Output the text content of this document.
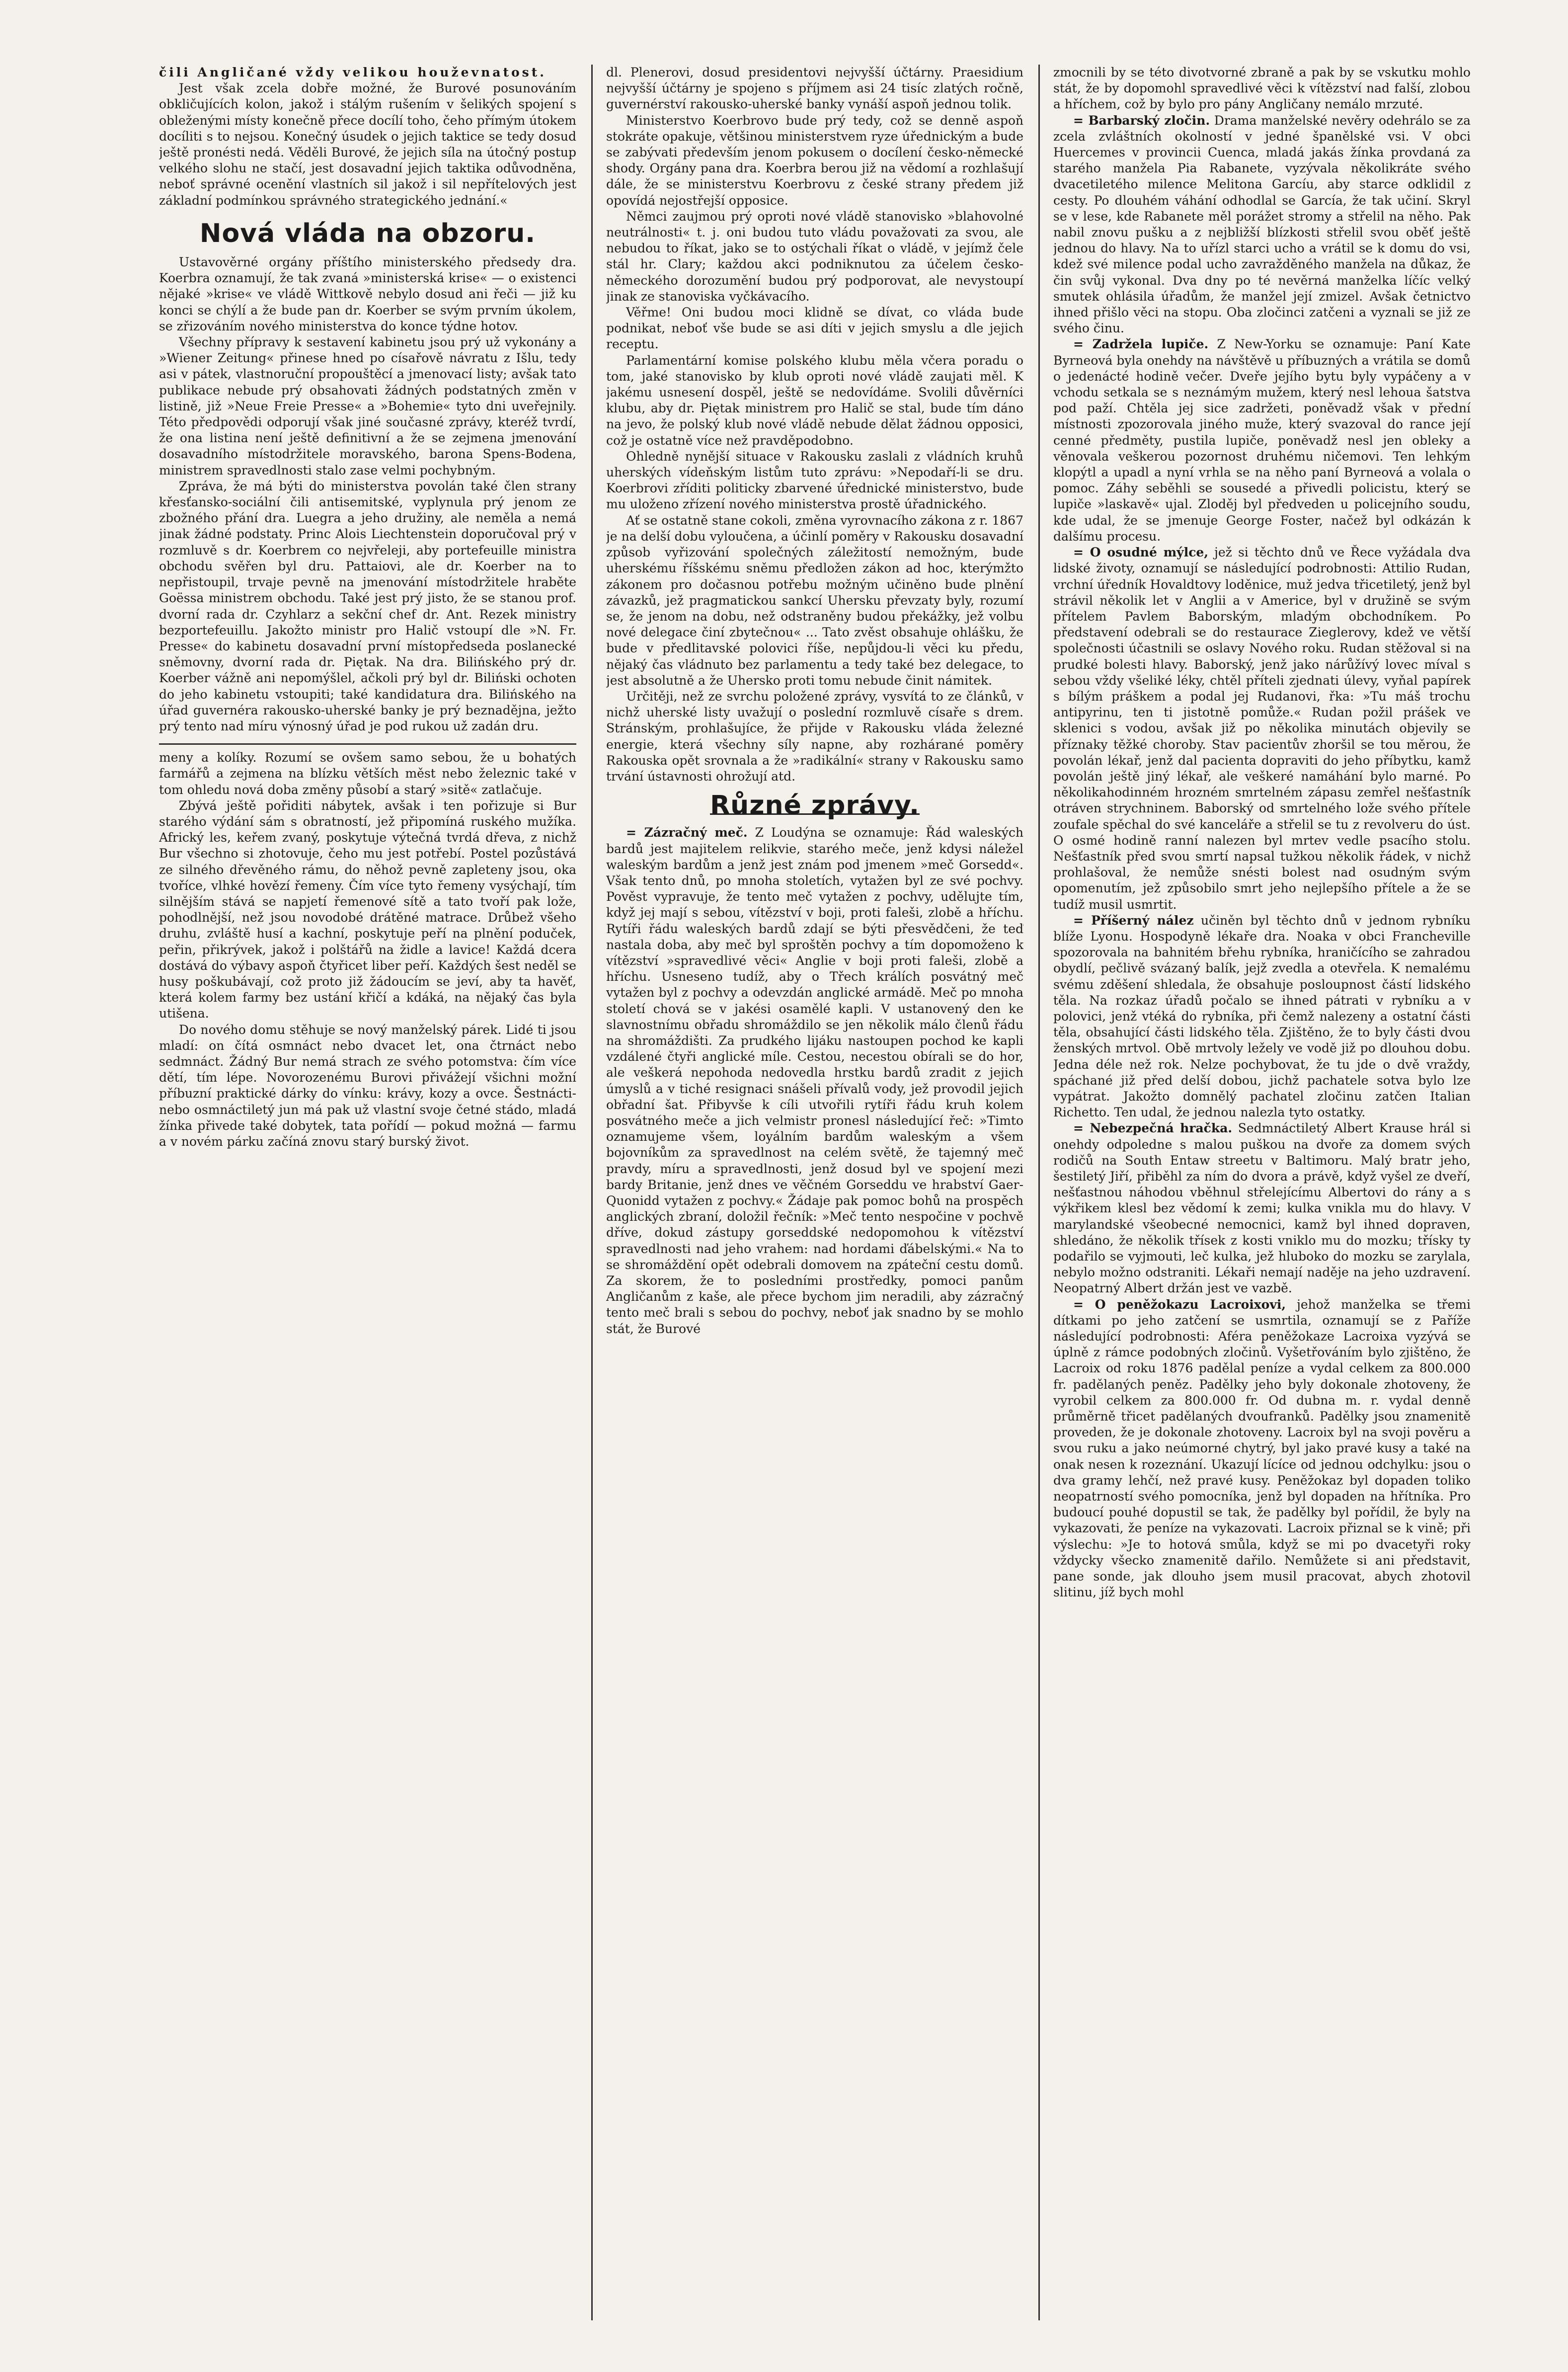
čili Angličané vždy velikou houževnatost.

Jest však zcela dobře možné, že Burové posunováním obkličujících kolon, jakož i stálým rušením v šelikých spojení s obleženými místy konečně přece docílí toho, čeho přímým útokem docíliti s to nejsou. Konečný úsudek o jejich taktice se tedy dosud ještě pronésti nedá. Věděli Burové, že jejich síla na útočný postup velkého slohu ne stačí, jest dosavadní jejich taktika odůvodněna, neboť správné ocenění vlastních sil jakož i sil nepřítelových jest základní podmínkou správného strategického jednání.«

Nová vláda na obzoru.

Ustavověrné orgány příštího ministerského předsedy dra. Koerbra oznamují, že tak zvaná »ministerská krise« — o existenci nějaké »krise« ve vládě Wittkově nebylo dosud ani řeči — již ku konci se chýlí a že bude pan dr. Koerber se svým prvním úkolem, se zřizováním nového ministerstva do konce týdne hotov.

Všechny přípravy k sestavení kabinetu jsou prý už vykonány a »Wiener Zeitung« přinese hned po císařově návratu z Išlu, tedy asi v pátek, vlastnoruční propouštěcí a jmenovací listy; avšak tato publikace nebude prý obsahovati žádných podstatných změn v listině, již »Neue Freie Presse« a »Bohemie« tyto dni uveřejnily. Této předpovědi odporují však jiné současné zprávy, kteréž tvrdí, že ona listina není ještě definitivní a že se zejmena jmenování dosavadního místodržitele moravského, barona Spens-Bodena, ministrem spravedlnosti stalo zase velmi pochybným.

Zpráva, že má býti do ministerstva povolán také člen strany křesťansko-sociální čili antisemitské, vyplynula prý jenom ze zbožného přání dra. Luegra a jeho družiny, ale neměla a nemá jinak žádné podstaty. Princ Alois Liechtenstein doporučoval prý v rozmluvě s dr. Koerbrem co nejvřeleji, aby portefeuille ministra obchodu svěřen byl dru. Pattaiovi, ale dr. Koerber na to nepřistoupil, trvaje pevně na jmenování místodržitele hraběte Goëssa ministrem obchodu. Také jest prý jisto, že se stanou prof. dvorní rada dr. Czyhlarz a sekční chef dr. Ant. Rezek ministry bezportefeuillu. Jakožto ministr pro Halič vstoupí dle »N. Fr. Presse« do kabinetu dosavadní první místopředseda poslanecké sněmovny, dvorní rada dr. Piętak. Na dra. Bilińského prý dr. Koerber vážně ani nepomýšlel, ačkoli prý byl dr. Biliński ochoten do jeho kabinetu vstoupiti; také kandidatura dra. Bilińského na úřad guvernéra rakousko-uherské banky je prý beznadějna, ježto prý tento nad míru výnosný úřad je pod rukou už zadán dru.

meny a kolíky. Rozumí se ovšem samo sebou, že u bohatých farmářů a zejmena na blízku větších měst nebo železnic také v tom ohledu nová doba změny působí a starý »sitě« zatlačuje.

Zbývá ještě pořiditi nábytek, avšak i ten pořizuje si Bur starého výdání sám s obratností, jež připomíná ruského mužíka. Africký les, keřem zvaný, poskytuje výtečná tvrdá dřeva, z nichž Bur všechno si zhotovuje, čeho mu jest potřebí. Postel pozůstává ze silného dřevěného rámu, do něhož pevně zapleteny jsou, oka tvoříce, vlhké hovězí řemeny. Čím více tyto řemeny vysýchají, tím silnějším stává se napjetí řemenové sítě a tato tvoří pak lože, pohodlnější, než jsou novodobé drátěné matrace. Drůbež všeho druhu, zvláště husí a kachní, poskytuje peří na plnění poduček, peřin, přikrývek, jakož i polštářů na židle a lavice! Každá dcera dostává do výbavy aspoň čtyřicet liber peří. Každých šest neděl se husy poškubávají, což proto již žádoucím se jeví, aby ta havěť, která kolem farmy bez ustání křičí a kdáká, na nějaký čas byla utišena.

Do nového domu stěhuje se nový manželský párek. Lidé ti jsou mladí: on čítá osmnáct nebo dvacet let, ona čtrnáct nebo sedmnáct. Žádný Bur nemá strach ze svého potomstva: čím více dětí, tím lépe. Novorozenému Burovi přivážejí všichni možní příbuzní praktické dárky do vínku: krávy, kozy a ovce. Šestnácti- nebo osmnáctiletý jun má pak už vlastní svoje četné stádo, mladá žínka přivede také dobytek, tata pořídí — pokud možná — farmu a v novém párku začíná znovu starý burský život.

dl. Plenerovi, dosud presidentovi nejvyšší účtárny. Praesidium nejvyšší účtárny je spojeno s příjmem asi 24 tisíc zlatých ročně, guvernérství rakousko-uherské banky vynáší aspoň jednou tolik.

Ministerstvo Koerbrovo bude prý tedy, což se denně aspoň stokráte opakuje, většinou ministerstvem ryze úřednickým a bude se zabývati především jenom pokusem o docílení česko-německé shody. Orgány pana dra. Koerbra berou již na vědomí a rozhlašují dále, že se ministerstvu Koerbrovu z české strany předem již opovídá nejostřejší opposice.

Němci zaujmou prý oproti nové vládě stanovisko »blahovolné neutrálnosti« t. j. oni budou tuto vládu považovati za svou, ale nebudou to říkat, jako se to ostýchali říkat o vládě, v jejímž čele stál hr. Clary; každou akci podniknutou za účelem česko-německého dorozumění budou prý podporovat, ale nevystoupí jinak ze stanoviska vyčkávacího.

Věřme! Oni budou moci klidně se dívat, co vláda bude podnikat, neboť vše bude se asi díti v jejich smyslu a dle jejich receptu.

Parlamentární komise polského klubu měla včera poradu o tom, jaké stanovisko by klub oproti nové vládě zaujati měl. K jakému usnesení dospěl, ještě se nedovídáme. Svolili důvěrníci klubu, aby dr. Piętak ministrem pro Halič se stal, bude tím dáno na jevo, že polský klub nové vládě nebude dělat žádnou opposici, což je ostatně více než pravděpodobno.

Ohledně nynější situace v Rakousku zaslali z vládních kruhů uherských vídeňským listům tuto zprávu: »Nepodaří-li se dru. Koerbrovi zříditi politicky zbarvené úřednické ministerstvo, bude mu uloženo zřízení nového ministerstva prostě úřadnického.

Ať se ostatně stane cokoli, změna vyrovnacího zákona z r. 1867 je na delší dobu vyloučena, a účinlí poměry v Rakousku dosavadní způsob vyřizování společných záležitostí nemožným, bude uherskému říšskému sněmu předložen zákon ad hoc, kterýmžto zákonem pro dočasnou potřebu možným učiněno bude plnění závazků, jež pragmatickou sankcí Uhersku převzaty byly, rozumí se, že jenom na dobu, než odstraněny budou překážky, jež volbu nové delegace činí zbytečnou« ... Tato zvěst obsahuje ohlášku, že bude v předlitavské polovici říše, nepůjdou-li věci ku předu, nějaký čas vládnuto bez parlamentu a tedy také bez delegace, to jest absolutně a že Uhersko proti tomu nebude činit námitek.

Určitěji, než ze svrchu položené zprávy, vysvítá to ze článků, v nichž uherské listy uvažují o poslední rozmluvě císaře s drem. Stránským, prohlašujíce, že přijde v Rakousku vláda železné energie, která všechny síly napne, aby rozhárané poměry Rakouska opět srovnala a že »radikální« strany v Rakousku samo trvání ústavnosti ohrožují atd.

Různé zprávy.

= Zázračný meč. Z Loudýna se oznamuje: Řád waleských bardů jest majitelem relikvie, starého meče, jenž kdysi náležel waleským bardům a jenž jest znám pod jmenem »meč Gorsedd«. Však tento dnů, po mnoha stoletích, vytažen byl ze své pochvy. Pověst vypravuje, že tento meč vytažen z pochvy, udělujte tím, když jej mají s sebou, vítězství v boji, proti faleši, zlobě a hříchu. Rytíři řádu waleských bardů zdají se býti přesvědčeni, že teď nastala doba, aby meč byl sproštěn pochvy a tím dopomoženo k vítězství »spravedlivé věci« Anglie v boji proti faleši, zlobě a hříchu. Usneseno tudíž, aby o Třech králích posvátný meč vytažen byl z pochvy a odevzdán anglické armádě. Meč po mnoha století chová se v jakési osamělé kapli. V ustanovený den ke slavnostnímu obřadu shromáždilo se jen několik málo členů řádu na shromáždišti. Za prudkého lijáku nastoupen pochod ke kapli vzdálené čtyři anglické míle. Cestou, necestou obírali se do hor, ale veškerá nepohoda nedovedla hrstku bardů zradit z jejich úmyslů a v tiché resignaci snášeli přívalů vody, jež provodil jejich obřadní šat. Přibyvše k cíli utvořili rytíři řádu kruh kolem posvátného meče a jich velmistr pronesl následující řeč: »Timto oznamujeme všem, loyálním bardům waleským a všem bojovníkům za spravedlnost na celém světě, že tajemný meč pravdy, míru a spravedlnosti, jenž dosud byl ve spojení mezi bardy Britanie, jenž dnes ve věčném Gorseddu ve hrabství Gaer-Quonidd vytažen z pochvy.« Žádaje pak pomoc bohů na prospěch anglických zbraní, doložil řečník: »Meč tento nespočine v pochvě dříve, dokud zástupy gorseddské nedopomohou k vítězství spravedlnosti nad jeho vrahem: nad hordami ďábelskými.« Na to se shromáždění opět odebrali domovem na zpáteční cestu domů. Za skorem, že to posledními prostředky, pomoci panům Angličanům z kaše, ale přece bychom jim neradili, aby zázračný tento meč brali s sebou do pochvy, neboť jak snadno by se mohlo stát, že Burové

zmocnili by se této divotvorné zbraně a pak by se vskutku mohlo stát, že by dopomohl spravedlivé věci k vítězství nad falší, zlobou a hříchem, což by bylo pro pány Angličany nemálo mrzuté.

= Barbarský zločin. Drama manželské nevěry odehrálo se za zcela zvláštních okolností v jedné španělské vsi. V obci Huercemes v provincii Cuenca, mladá jakás žínka provdaná za starého manžela Pia Rabanete, vyzývala několikráte svého dvacetiletého milence Melitona Garcíu, aby starce odklidil z cesty. Po dlouhém váhání odhodlal se García, že tak učiní. Skryl se v lese, kde Rabanete měl porážet stromy a střelil na něho. Pak nabil znovu pušku a z nejbližší blízkosti střelil svou oběť ještě jednou do hlavy. Na to uřízl starci ucho a vrátil se k domu do vsi, kdež své milence podal ucho zavražděného manžela na důkaz, že čin svůj vykonal. Dva dny po té nevěrná manželka líčíc velký smutek ohlásila úřadům, že manžel její zmizel. Avšak četnictvo ihned přišlo věci na stopu. Oba zločinci zatčeni a vyznali se již ze svého činu.

= Zadržela lupiče. Z New-Yorku se oznamuje: Paní Kate Byrneová byla onehdy na návštěvě u příbuzných a vrátila se domů o jedenácté hodině večer. Dveře jejího bytu byly vypáčeny a v vchodu setkala se s neznámým mužem, který nesl lehoua šatstva pod paží. Chtěla jej sice zadržeti, poněvadž však v přední místnosti zpozorovala jiného muže, který svazoval do rance její cenné předměty, pustila lupiče, poněvadž nesl jen obleky a věnovala veškerou pozornost druhému ničemovi. Ten lehkým klopýtl a upadl a nyní vrhla se na něho paní Byrneová a volala o pomoc. Záhy seběhli se sousedé a přivedli policistu, který se lupiče »laskavě« ujal. Zloděj byl předveden u policejního soudu, kde udal, že se jmenuje George Foster, načež byl odkázán k dalšímu procesu.

= O osudné mýlce, jež si těchto dnů ve Řece vyžádala dva lidské životy, oznamují se následující podrobnosti: Attilio Rudan, vrchní úředník Hovaldtovy loděnice, muž jedva třicetiletý, jenž byl strávil několik let v Anglii a v Americe, byl v družině se svým přítelem Pavlem Baborským, mladým obchodníkem. Po představení odebrali se do restaurace Zieglerovy, kdež ve větší společnosti účastnili se oslavy Nového roku. Rudan stěžoval si na prudké bolesti hlavy. Baborský, jenž jako nárůžívý lovec míval s sebou vždy všeliké léky, chtěl příteli zjednati úlevy, vyňal papírek s bílým práškem a podal jej Rudanovi, řka: »Tu máš trochu antipyrinu, ten ti jistotně pomůže.« Rudan požil prášek ve sklenici s vodou, avšak již po několika minutách objevily se příznaky těžké choroby. Stav pacientův zhoršil se tou měrou, že povolán lékař, jenž dal pacienta dopraviti do jeho příbytku, kamž povolán ještě jiný lékař, ale veškeré namáhání bylo marné. Po několikahodinném hrozném smrtelném zápasu zemřel nešťastník otráven strychninem. Baborský od smrtelného lože svého přítele zoufale spěchal do své kanceláře a střelil se tu z revolveru do úst. O osmé hodině ranní nalezen byl mrtev vedle psacího stolu. Nešťastník před svou smrtí napsal tužkou několik řádek, v nichž prohlašoval, že nemůže snésti bolest nad osudným svým opomenutím, jež způsobilo smrt jeho nejlepšího přítele a že se tudíž musil usmrtit.

= Příšerný nález učiněn byl těchto dnů v jednom rybníku blíže Lyonu. Hospodyně lékaře dra. Noaka v obci Francheville spozorovala na bahnitém břehu rybníka, hraničícího se zahradou obydlí, pečlivě svázaný balík, jejž zvedla a otevřela. K nemalému svému zděšení shledala, že obsahuje posloupnost částí lidského těla. Na rozkaz úřadů počalo se ihned pátrati v rybníku a v polovici, jenž vtéká do rybníka, při čemž nalezeny a ostatní části těla, obsahující části lidského těla. Zjištěno, že to byly části dvou ženských mrtvol. Obě mrtvoly ležely ve vodě již po dlouhou dobu. Jedna déle než rok. Nelze pochybovat, že tu jde o dvě vraždy, spáchané již před delší dobou, jichž pachatele sotva bylo lze vypátrat. Jakožto domnělý pachatel zločinu zatčen Italian Richetto. Ten udal, že jednou nalezla tyto ostatky.

= Nebezpečná hračka. Sedmnáctiletý Albert Krause hrál si onehdy odpoledne s malou puškou na dvoře za domem svých rodičů na South Entaw streetu v Baltimoru. Malý bratr jeho, šestiletý Jiří, přiběhl za ním do dvora a právě, když vyšel ze dveří, nešťastnou náhodou vběhnul střelejícímu Albertovi do rány a s výkřikem klesl bez vědomí k zemi; kulka vnikla mu do hlavy. V marylandské všeobecné nemocnici, kamž byl ihned dopraven, shledáno, že několik třísek z kosti vniklo mu do mozku; třísky ty podařilo se vyjmouti, leč kulka, jež hluboko do mozku se zarylala, nebylo možno odstraniti. Lékaři nemají naděje na jeho uzdravení. Neopatrný Albert držán jest ve vazbě.

= O peněžokazu Lacroixovi, jehož manželka se třemi dítkami po jeho zatčení se usmrtila, oznamují se z Paříže následující podrobnosti: Aféra peněžokaze Lacroixa vyzývá se úplně z rámce podobných zločinů. Vyšetřováním bylo zjištěno, že Lacroix od roku 1876 padělal peníze a vydal celkem za 800.000 fr. padělaných peněz. Padělky jeho byly dokonale zhotoveny, že vyrobil celkem za 800.000 fr. Od dubna m. r. vydal denně průměrně třicet padělaných dvoufranků. Padělky jsou znamenitě proveden, že je dokonale zhotoveny. Lacroix byl na svoji pověru a svou ruku a jako neúmorné chytrý, byl jako pravé kusy a také na onak nesen k rozeznání. Ukazují lícíce od jednou odchylku: jsou o dva gramy lehčí, než pravé kusy. Peněžokaz byl dopaden toliko neopatrností svého pomocníka, jenž byl dopaden na hřítníka. Pro budoucí pouhé dopustil se tak, že padělky byl pořídil, že byly na vykazovati, že peníze na vykazovati. Lacroix přiznal se k vině; při výslechu: »Je to hotová smůla, když se mi po dvacetyři roky vždycky všecko znamenitě dařilo. Nemůžete si ani představit, pane sonde, jak dlouho jsem musil pracovat, abych zhotovil slitinu, jíž bych mohl
